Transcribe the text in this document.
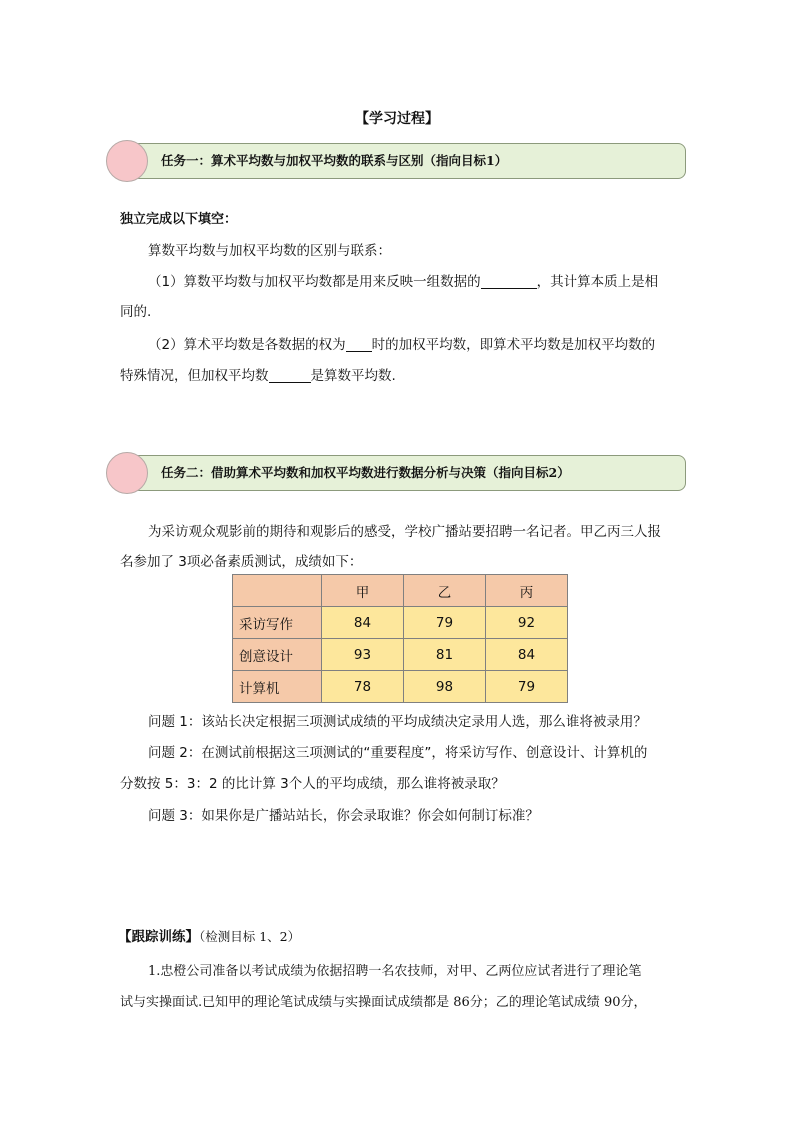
【学习过程】
任务一：算术平均数与加权平均数的联系与区别（指向目标1）
独立完成以下填空：
算数平均数与加权平均数的区别与联系：
（1）算数平均数与加权平均数都是用来反映一组数据的	，其计算本质上是相
同的.
（2）算术平均数是各数据的权为 时的加权平均数，即算术平均数是加权平均数的
特殊情况，但加权平均数	是算数平均数.
任务二：借助算术平均数和加权平均数进行数据分析与决策（指向目标2）
为采访观众观影前的期待和观影后的感受，学校广播站要招聘一名记者。甲乙丙三人报
名参加了 3项必备素质测试，成绩如下：
	甲	乙	丙
采访写作	84	79	92
创意设计	93	81	84
计算机	78	98	79
问题 1：该站长决定根据三项测试成绩的平均成绩决定录用人选，那么谁将被录用？
问题 2：在测试前根据这三项测试的“重要程度”，将采访写作、创意设计、计算机的
分数按 5：3：2 的比计算 3个人的平均成绩，那么谁将被录取？
问题 3：如果你是广播站站长，你会录取谁？你会如何制订标准？
【跟踪训练】（检测目标 1、2）
1.忠橙公司准备以考试成绩为依据招聘一名农技师，对甲、乙两位应试者进行了理论笔
试与实操面试.已知甲的理论笔试成绩与实操面试成绩都是 86分；乙的理论笔试成绩 90分，
